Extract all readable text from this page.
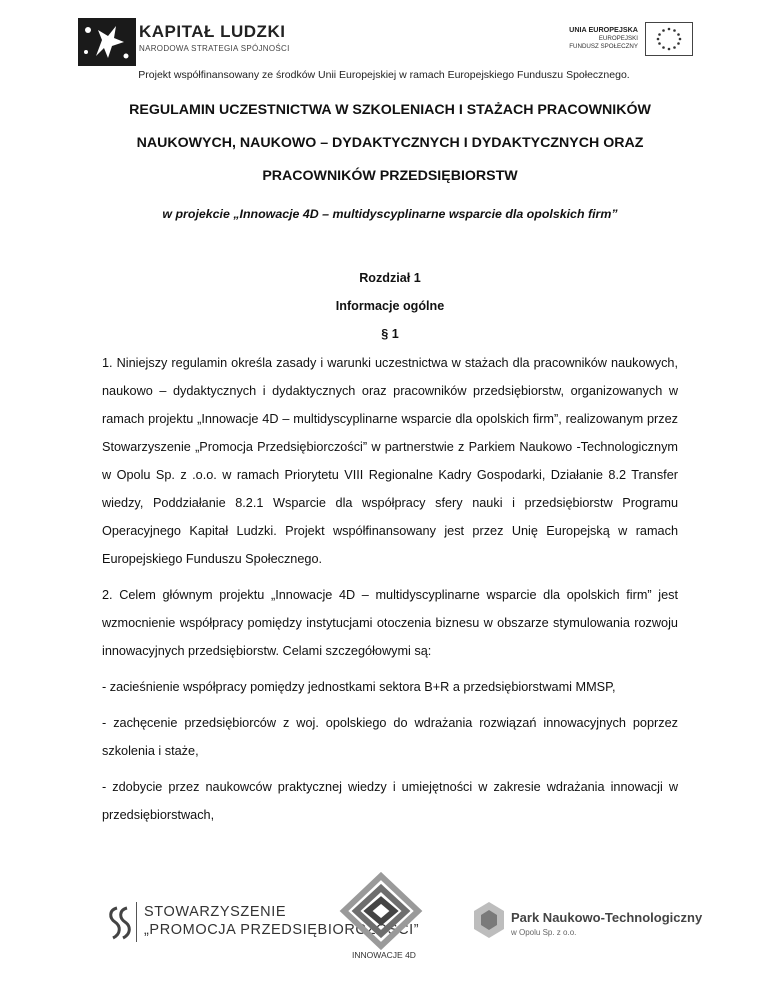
KAPITAŁ LUDZKI
NARODOWA STRATEGIA SPÓJNOŚCI
UNIA EUROPEJSKA
EUROPEJSKI
FUNDUSZ SPOŁECZNY
Projekt współfinansowany ze środków Unii Europejskiej w ramach Europejskiego Funduszu Społecznego.
REGULAMIN UCZESTNICTWA W SZKOLENIACH I STAŻACH PRACOWNIKÓW
NAUKOWYCH, NAUKOWO – DYDAKTYCZNYCH I DYDAKTYCZNYCH ORAZ
PRACOWNIKÓW PRZEDSIĘBIORSTW
w projekcie „Innowacje 4D – multidyscyplinarne wsparcie dla opolskich firm”
Rozdział 1
Informacje ogólne
§ 1

1. Niniejszy regulamin określa zasady i warunki uczestnictwa w stażach dla pracowników naukowych, naukowo – dydaktycznych i dydaktycznych oraz pracowników przedsiębiorstw, organizowanych w ramach projektu „Innowacje 4D – multidyscyplinarne wsparcie dla opolskich firm”, realizowanym przez Stowarzyszenie „Promocja Przedsiębiorczości” w partnerstwie z Parkiem Naukowo -Technologicznym w Opolu Sp. z .o.o. w ramach Priorytetu VIII Regionalne Kadry Gospodarki, Działanie 8.2 Transfer wiedzy, Poddziałanie 8.2.1 Wsparcie dla współpracy sfery nauki i przedsiębiorstw Programu Operacyjnego Kapitał Ludzki. Projekt współfinansowany jest przez Unię Europejską w ramach Europejskiego Funduszu Społecznego.

2. Celem głównym projektu „Innowacje 4D – multidyscyplinarne wsparcie dla opolskich firm” jest wzmocnienie współpracy pomiędzy instytucjami otoczenia biznesu w obszarze stymulowania rozwoju innowacyjnych przedsiębiorstw. Celami szczegółowymi są:

- zacieśnienie współpracy pomiędzy jednostkami sektora B+R a przedsiębiorstwami MMSP,

- zachęcenie przedsiębiorców z woj. opolskiego do wdrażania rozwiązań innowacyjnych poprzez szkolenia i staże,

- zdobycie przez naukowców praktycznej wiedzy i umiejętności w zakresie wdrażania innowacji w przedsiębiorstwach,

STOWARZYSZENIE
„PROMOCJA PRZEDSIĘBIORCZOŚCI”
INNOWACJE 4D
Park Naukowo-Technologiczny
w Opolu Sp. z o.o.
